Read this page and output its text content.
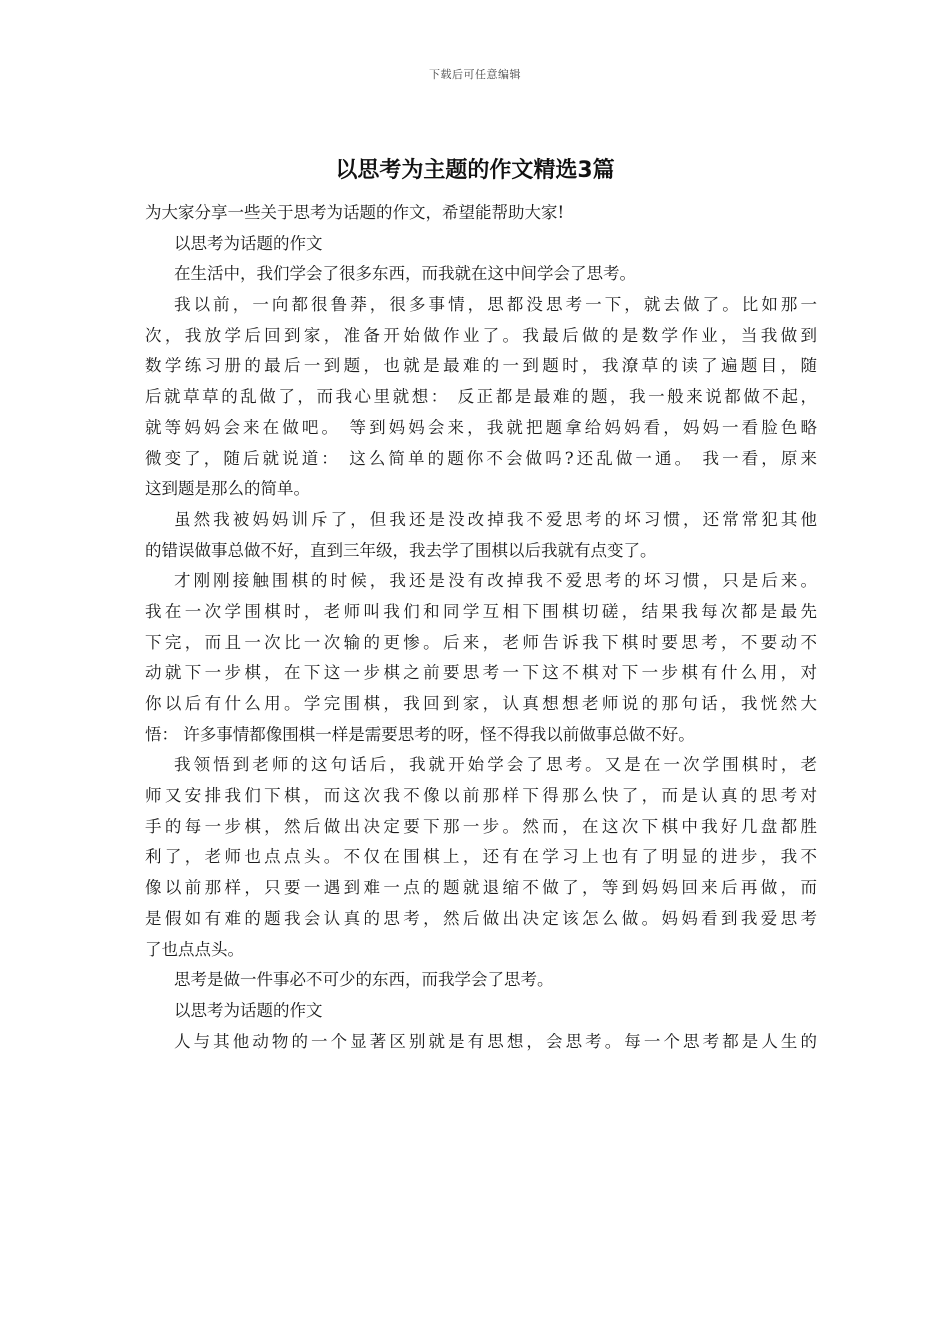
下载后可任意编辑
以思考为主题的作文精选3篇
为大家分享一些关于思考为话题的作文，希望能帮助大家!
以思考为话题的作文
在生活中，我们学会了很多东西，而我就在这中间学会了思考。
我以前，一向都很鲁莽，很多事情，思都没思考一下，就去做了。比如那一
次，我放学后回到家，准备开始做作业了。我最后做的是数学作业，当我做到
数学练习册的最后一到题，也就是最难的一到题时，我潦草的读了遍题目，随
后就草草的乱做了，而我心里就想： 反正都是最难的题，我一般来说都做不起，
就等妈妈会来在做吧。 等到妈妈会来，我就把题拿给妈妈看，妈妈一看脸色略
微变了，随后就说道： 这么简单的题你不会做吗?还乱做一通。 我一看，原来
这到题是那么的简单。
虽然我被妈妈训斥了，但我还是没改掉我不爱思考的坏习惯，还常常犯其他
的错误做事总做不好，直到三年级，我去学了围棋以后我就有点变了。
才刚刚接触围棋的时候，我还是没有改掉我不爱思考的坏习惯，只是后来。
我在一次学围棋时，老师叫我们和同学互相下围棋切磋，结果我每次都是最先
下完，而且一次比一次输的更惨。后来，老师告诉我下棋时要思考，不要动不
动就下一步棋，在下这一步棋之前要思考一下这不棋对下一步棋有什么用，对
你以后有什么用。学完围棋，我回到家，认真想想老师说的那句话，我恍然大
悟： 许多事情都像围棋一样是需要思考的呀，怪不得我以前做事总做不好。
我领悟到老师的这句话后，我就开始学会了思考。又是在一次学围棋时，老
师又安排我们下棋，而这次我不像以前那样下得那么快了，而是认真的思考对
手的每一步棋，然后做出决定要下那一步。然而，在这次下棋中我好几盘都胜
利了，老师也点点头。不仅在围棋上，还有在学习上也有了明显的进步，我不
像以前那样，只要一遇到难一点的题就退缩不做了，等到妈妈回来后再做，而
是假如有难的题我会认真的思考，然后做出决定该怎么做。妈妈看到我爱思考
了也点点头。
思考是做一件事必不可少的东西，而我学会了思考。
以思考为话题的作文
人与其他动物的一个显著区别就是有思想，会思考。每一个思考都是人生的
